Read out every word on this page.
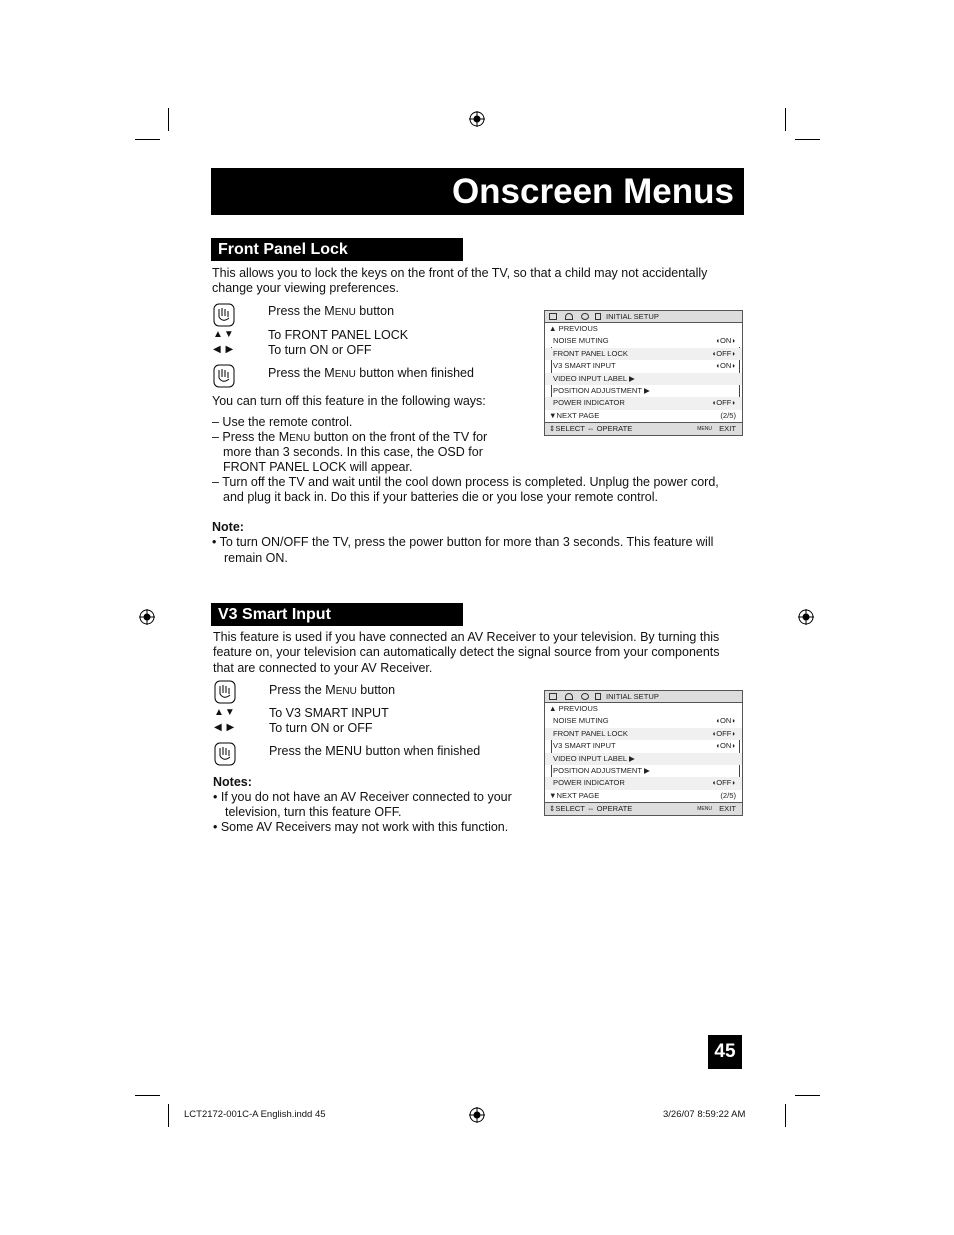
Onscreen Menus
Front Panel Lock
This allows you to lock the keys on the front of the TV, so that a child may not accidentally
change your viewing preferences.
Press the MENU button
▲▼	To FRONT PANEL LOCK
◀ ▶	To turn ON or OFF
Press the MENU button when finished
You can turn off this feature in the following ways:
– Use the remote control.
– Press the MENU button on the front of the TV for
more than 3 seconds. In this case, the OSD for
FRONT PANEL LOCK will appear.
– Turn off the TV and wait until the cool down process is completed. Unplug the power cord,
and plug it back in. Do this if your batteries die or you lose your remote control.
Note:
• To turn ON/OFF the TV, press the power button for more than 3 seconds. This feature will
remain ON.
INITIAL SETUP
▲ PREVIOUS
NOISE MUTING	◖ON◗
FRONT PANEL LOCK	◖OFF◗
V3 SMART INPUT	◖ON◗
VIDEO INPUT LABEL ▶
POSITION ADJUSTMENT ▶
POWER INDICATOR	◖OFF◗
▼NEXT PAGE	(2/5)
⇕SELECT ⇔ OPERATE	MENU EXIT
V3 Smart Input
This feature is used if you have connected an AV Receiver to your television. By turning this
feature on, your television can automatically detect the signal source from your components
that are connected to your AV Receiver.
Press the MENU button
▲▼	To V3 SMART INPUT
◀ ▶	To turn ON or OFF
Press the MENU button when finished
Notes:
• If you do not have an AV Receiver connected to your
television, turn this feature OFF.
• Some AV Receivers may not work with this function.
INITIAL SETUP
▲ PREVIOUS
NOISE MUTING	◖ON◗
FRONT PANEL LOCK	◖OFF◗
V3 SMART INPUT	◖ON◗
VIDEO INPUT LABEL ▶
POSITION ADJUSTMENT ▶
POWER INDICATOR	◖OFF◗
▼NEXT PAGE	(2/5)
⇕SELECT ⇔ OPERATE	MENU EXIT
45
LCT2172-001C-A English.indd 45	3/26/07 8:59:22 AM
